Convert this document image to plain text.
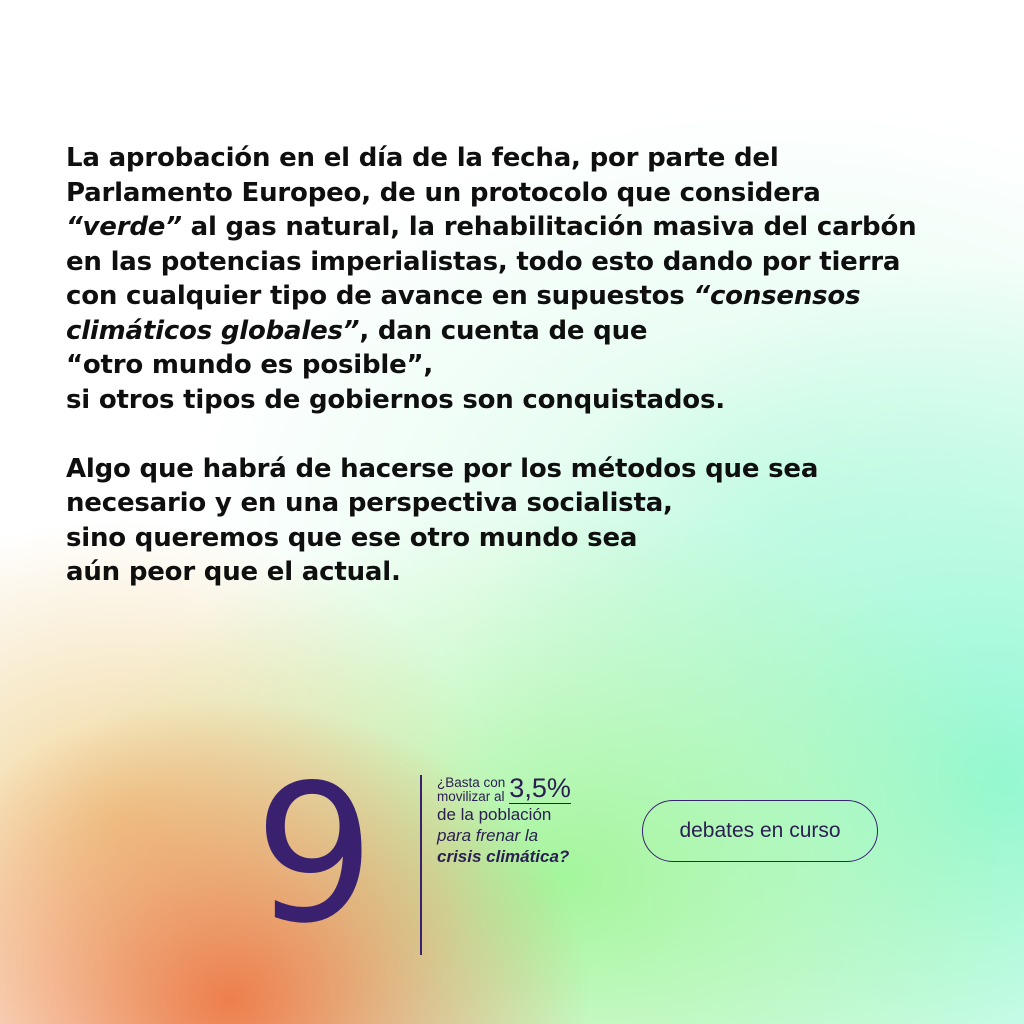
La aprobación en el día de la fecha, por parte del
Parlamento Europeo, de un protocolo que considera
“verde” al gas natural, la rehabilitación masiva del carbón
en las potencias imperialistas, todo esto dando por tierra
con cualquier tipo de avance en supuestos “consensos
climáticos globales”, dan cuenta de que
“otro mundo es posible”,
si otros tipos de gobiernos son conquistados.

Algo que habrá de hacerse por los métodos que sea
necesario y en una perspectiva socialista,
sino queremos que ese otro mundo sea
aún peor que el actual.

9	¿Basta con
movilizar al 3,5%
de la población
para frenar la
crisis climática?
debates en curso
